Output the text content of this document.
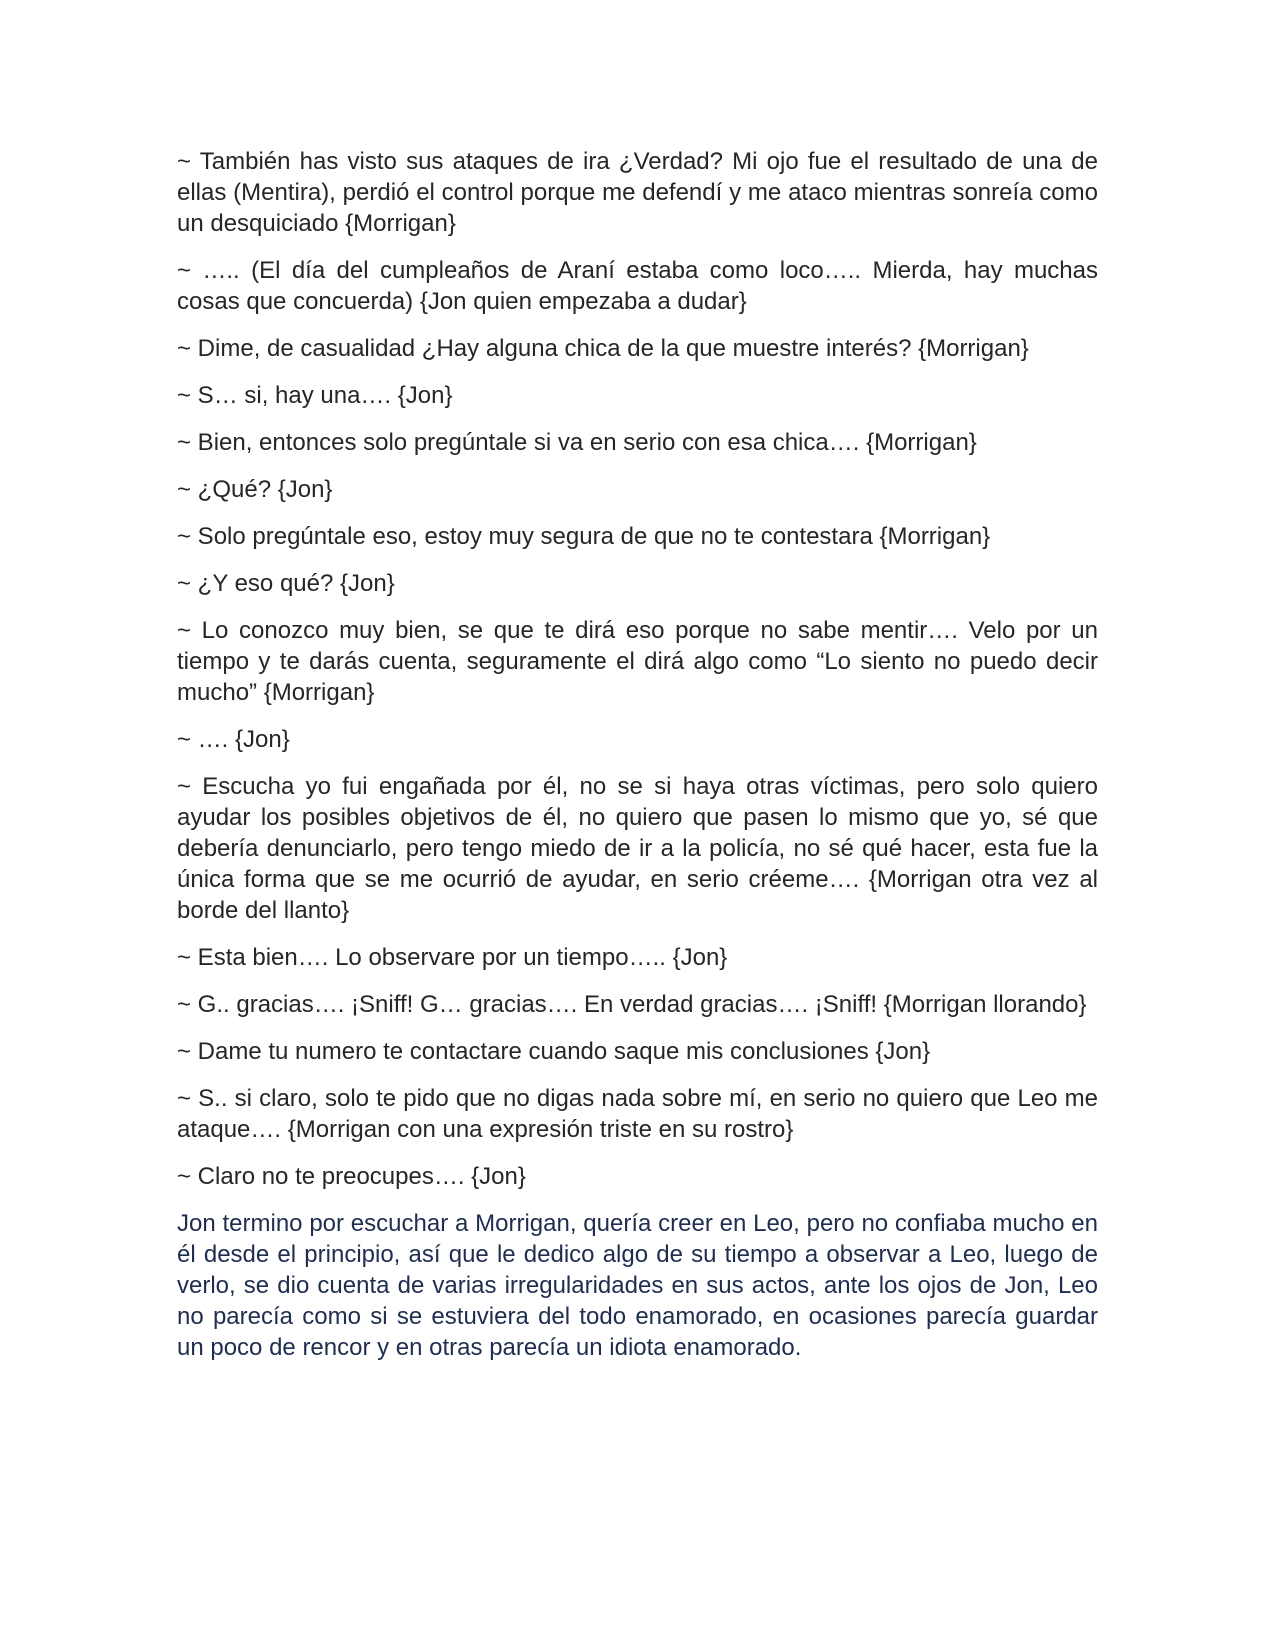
~ También has visto sus ataques de ira ¿Verdad? Mi ojo fue el resultado de una de ellas (Mentira), perdió el control porque me defendí y me ataco mientras sonreía como un desquiciado {Morrigan}

~ ….. (El día del cumpleaños de Araní estaba como loco….. Mierda, hay muchas cosas que concuerda) {Jon quien empezaba a dudar}

~ Dime, de casualidad ¿Hay alguna chica de la que muestre interés? {Morrigan}

~ S… si, hay una…. {Jon}

~ Bien, entonces solo pregúntale si va en serio con esa chica…. {Morrigan}

~ ¿Qué? {Jon}

~ Solo pregúntale eso, estoy muy segura de que no te contestara {Morrigan}

~ ¿Y eso qué? {Jon}

~ Lo conozco muy bien, se que te dirá eso porque no sabe mentir…. Velo por un tiempo y te darás cuenta, seguramente el dirá algo como “Lo siento no puedo decir mucho” {Morrigan}

~ …. {Jon}

~ Escucha yo fui engañada por él, no se si haya otras víctimas, pero solo quiero ayudar los posibles objetivos de él, no quiero que pasen lo mismo que yo, sé que debería denunciarlo, pero tengo miedo de ir a la policía, no sé qué hacer, esta fue la única forma que se me ocurrió de ayudar, en serio créeme…. {Morrigan otra vez al borde del llanto}

~ Esta bien…. Lo observare por un tiempo….. {Jon}

~ G.. gracias…. ¡Sniff! G… gracias…. En verdad gracias…. ¡Sniff! {Morrigan llorando}

~ Dame tu numero te contactare cuando saque mis conclusiones {Jon}

~ S.. si claro, solo te pido que no digas nada sobre mí, en serio no quiero que Leo me ataque…. {Morrigan con una expresión triste en su rostro}

~ Claro no te preocupes…. {Jon}

Jon termino por escuchar a Morrigan, quería creer en Leo, pero no confiaba mucho en él desde el principio, así que le dedico algo de su tiempo a observar a Leo, luego de verlo, se dio cuenta de varias irregularidades en sus actos, ante los ojos de Jon, Leo no parecía como si se estuviera del todo enamorado, en ocasiones parecía guardar un poco de rencor y en otras parecía un idiota enamorado.
